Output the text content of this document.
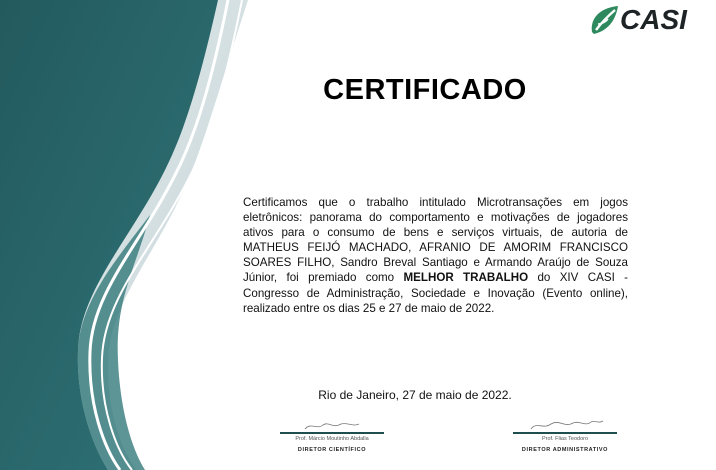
CASI
CERTIFICADO
Certificamos que o trabalho intitulado Microtransações em jogos eletrônicos: panorama do comportamento e motivações de jogadores ativos para o consumo de bens e serviços virtuais, de autoria de MATHEUS FEIJÓ MACHADO, AFRANIO DE AMORIM FRANCISCO SOARES FILHO, Sandro Breval Santiago e Armando Araújo de Souza Júnior, foi premiado como MELHOR TRABALHO do XIV CASI - Congresso de Administração, Sociedade e Inovação (Evento online), realizado entre os dias 25 e 27 de maio de 2022.
Rio de Janeiro, 27 de maio de 2022.
Prof. Márcio Moutinho Abdalla
DIRETOR CIENTÍFICO
Prof. Flias Teodoro
DIRETOR ADMINISTRATIVO
